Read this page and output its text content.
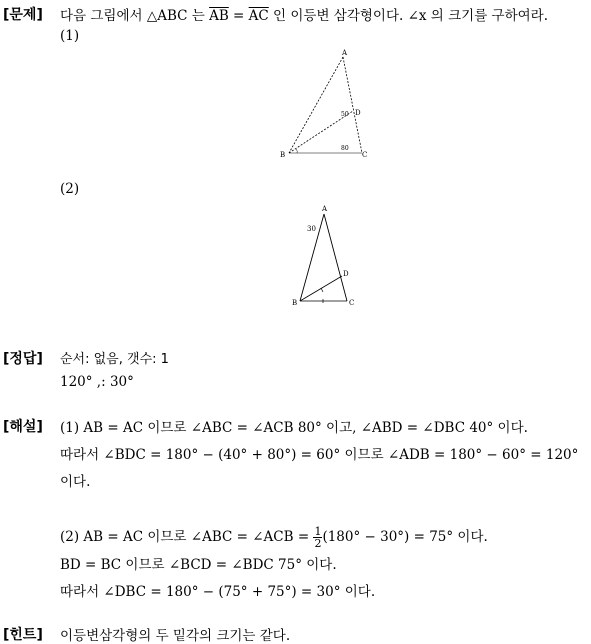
[문제] 다음 그림에서 △ABC 는 $\overline{AB} = \overline{AC}$ 인 이등변 삼각형이다. ∠x 의 크기를 구하여라.
(1)
A
B	C
D
50
80
(2)
A
B	C
D
30
[정답] 순서: 없음, 갯수: 1
120° ,: 30°
[해설] (1) AB = AC 이므로 ∠ABC = ∠ACB 80° 이고, ∠ABD = ∠DBC 40° 이다.
따라서 ∠BDC = 180° − (40° + 80°) = 60° 이므로 ∠ADB = 180° − 60° = 120°
이다.
(2) AB = AC 이므로 ∠ABC = ∠ACB = $\frac{1}{2} (180^\circ - 30^\circ) = 75^\circ$ 이다.
BD = BC 이므로 ∠BCD = ∠BDC 75° 이다.
따라서 ∠DBC = 180° − (75° + 75°) = 30° 이다.
[힌트] 이등변삼각형의 두 밑각의 크기는 같다.
